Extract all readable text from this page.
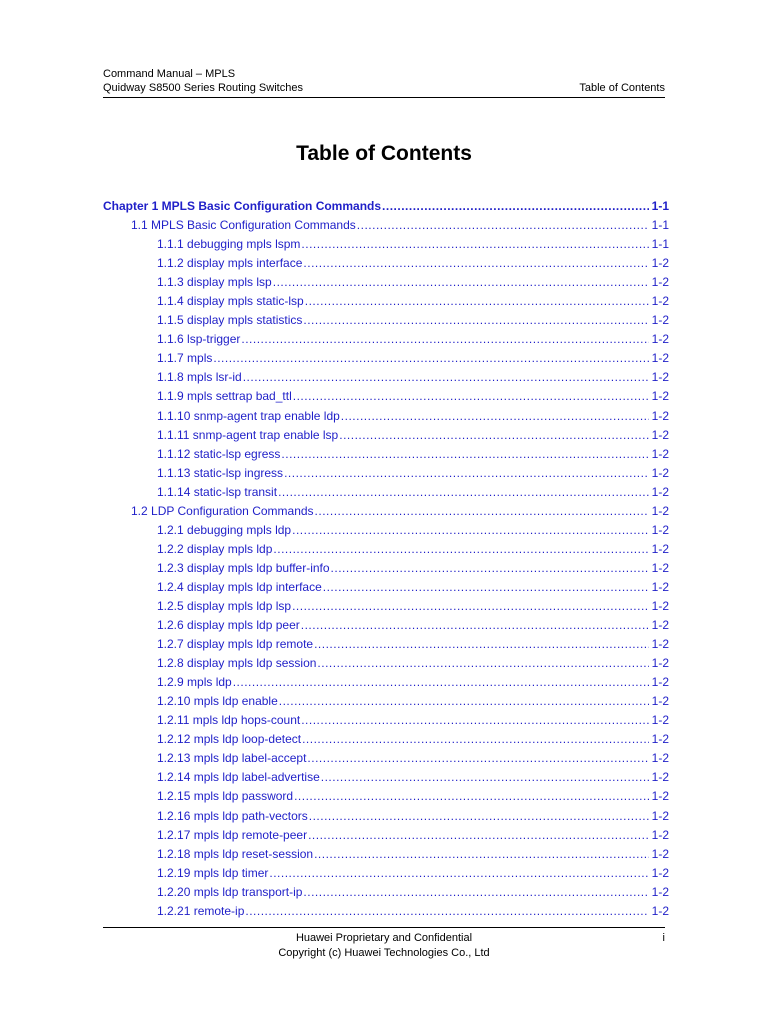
Command Manual – MPLS
Quidway S8500 Series Routing Switches	Table of Contents
Table of Contents
Chapter 1 MPLS Basic Configuration Commands .....	1-1
1.1 MPLS Basic Configuration Commands .....	1-1
1.1.1 debugging mpls lspm .....	1-1
1.1.2 display mpls interface .....	1-2
1.1.3 display mpls lsp .....	1-2
1.1.4 display mpls static-lsp .....	1-2
1.1.5 display mpls statistics .....	1-2
1.1.6 lsp-trigger .....	1-2
1.1.7 mpls .....	1-2
1.1.8 mpls lsr-id .....	1-2
1.1.9 mpls settrap bad_ttl .....	1-2
1.1.10 snmp-agent trap enable ldp .....	1-2
1.1.11 snmp-agent trap enable lsp .....	1-2
1.1.12 static-lsp egress .....	1-2
1.1.13 static-lsp ingress .....	1-2
1.1.14 static-lsp transit .....	1-2
1.2 LDP Configuration Commands .....	1-2
1.2.1 debugging mpls ldp .....	1-2
1.2.2 display mpls ldp .....	1-2
1.2.3 display mpls ldp buffer-info .....	1-2
1.2.4 display mpls ldp interface .....	1-2
1.2.5 display mpls ldp lsp .....	1-2
1.2.6 display mpls ldp peer .....	1-2
1.2.7 display mpls ldp remote .....	1-2
1.2.8 display mpls ldp session .....	1-2
1.2.9 mpls ldp .....	1-2
1.2.10 mpls ldp enable .....	1-2
1.2.11 mpls ldp hops-count .....	1-2
1.2.12 mpls ldp loop-detect .....	1-2
1.2.13 mpls ldp label-accept .....	1-2
1.2.14 mpls ldp label-advertise .....	1-2
1.2.15 mpls ldp password .....	1-2
1.2.16 mpls ldp path-vectors .....	1-2
1.2.17 mpls ldp remote-peer .....	1-2
1.2.18 mpls ldp reset-session .....	1-2
1.2.19 mpls ldp timer .....	1-2
1.2.20 mpls ldp transport-ip .....	1-2
1.2.21 remote-ip .....	1-2
Huawei Proprietary and Confidential
Copyright (c) Huawei Technologies Co., Ltd
i
